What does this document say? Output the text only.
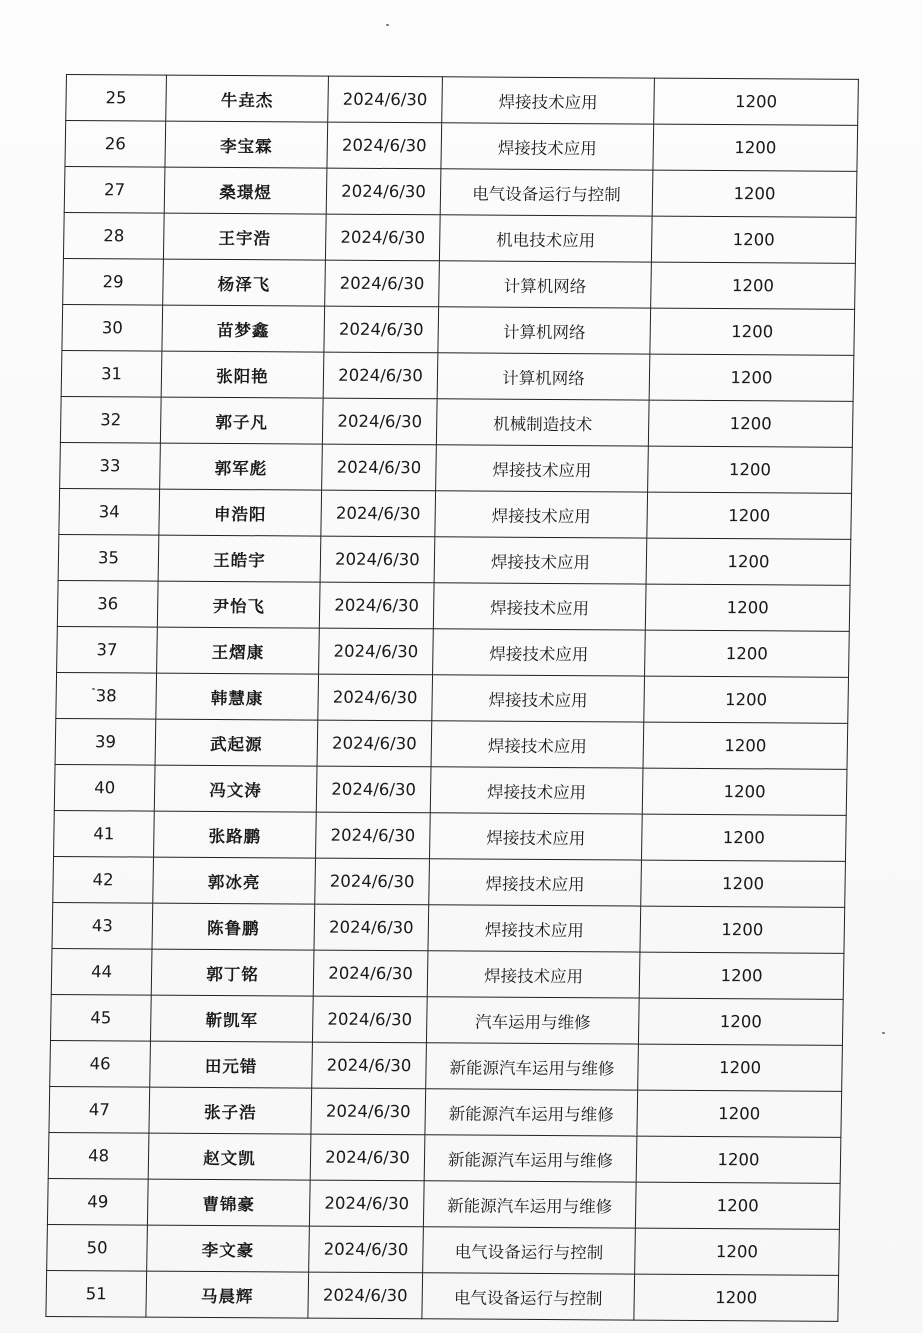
25	牛垚杰	2024/6/30	焊接技术应用	1200
26	李宝霖	2024/6/30	焊接技术应用	1200
27	桑璟煜	2024/6/30	电气设备运行与控制	1200
28	王宇浩	2024/6/30	机电技术应用	1200
29	杨泽飞	2024/6/30	计算机网络	1200
30	苗梦鑫	2024/6/30	计算机网络	1200
31	张阳艳	2024/6/30	计算机网络	1200
32	郭子凡	2024/6/30	机械制造技术	1200
33	郭军彪	2024/6/30	焊接技术应用	1200
34	申浩阳	2024/6/30	焊接技术应用	1200
35	王皓宇	2024/6/30	焊接技术应用	1200
36	尹怡飞	2024/6/30	焊接技术应用	1200
37	王熠康	2024/6/30	焊接技术应用	1200
38	韩慧康	2024/6/30	焊接技术应用	1200
39	武起源	2024/6/30	焊接技术应用	1200
40	冯文涛	2024/6/30	焊接技术应用	1200
41	张路鹏	2024/6/30	焊接技术应用	1200
42	郭冰亮	2024/6/30	焊接技术应用	1200
43	陈鲁鹏	2024/6/30	焊接技术应用	1200
44	郭丁铭	2024/6/30	焊接技术应用	1200
45	靳凯军	2024/6/30	汽车运用与维修	1200
46	田元错	2024/6/30	新能源汽车运用与维修	1200
47	张子浩	2024/6/30	新能源汽车运用与维修	1200
48	赵文凯	2024/6/30	新能源汽车运用与维修	1200
49	曹锦豪	2024/6/30	新能源汽车运用与维修	1200
50	李文豪	2024/6/30	电气设备运行与控制	1200
51	马晨辉	2024/6/30	电气设备运行与控制	1200
